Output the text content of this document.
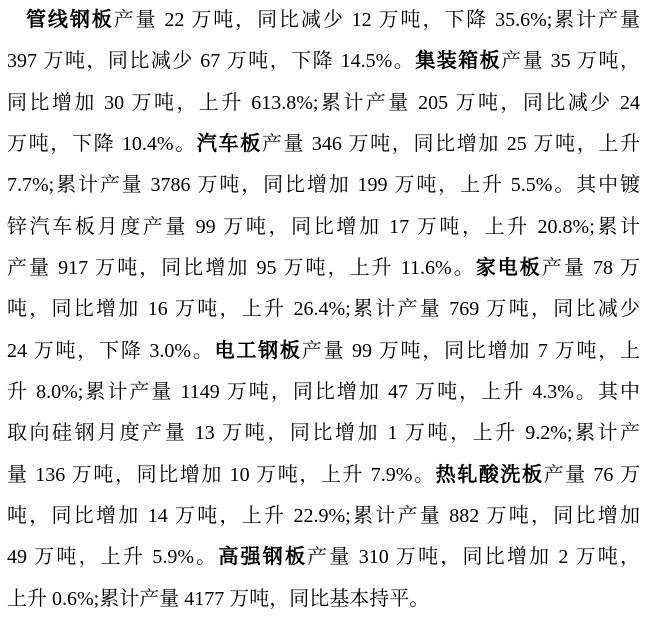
管线钢板产量 22 万吨，同比减少 12 万吨，下降 35.6%;累计产量
397 万吨，同比减少 67 万吨，下降 14.5%。集装箱板产量 35 万吨，
同比增加 30 万吨，上升 613.8%;累计产量 205 万吨，同比减少 24
万吨，下降 10.4%。汽车板产量 346 万吨，同比增加 25 万吨，上升
7.7%;累计产量 3786 万吨，同比增加 199 万吨，上升 5.5%。其中镀
锌汽车板月度产量 99 万吨，同比增加 17 万吨，上升 20.8%;累计
产量 917 万吨，同比增加 95 万吨，上升 11.6%。家电板产量 78 万
吨，同比增加 16 万吨，上升 26.4%;累计产量 769 万吨，同比减少
24 万吨，下降 3.0%。电工钢板产量 99 万吨，同比增加 7 万吨，上
升 8.0%;累计产量 1149 万吨，同比增加 47 万吨，上升 4.3%。其中
取向硅钢月度产量 13 万吨，同比增加 1 万吨，上升 9.2%;累计产
量 136 万吨，同比增加 10 万吨，上升 7.9%。热轧酸洗板产量 76 万
吨，同比增加 14 万吨，上升 22.9%;累计产量 882 万吨，同比增加
49 万吨，上升 5.9%。高强钢板产量 310 万吨，同比增加 2 万吨，
上升 0.6%;累计产量 4177 万吨，同比基本持平。
